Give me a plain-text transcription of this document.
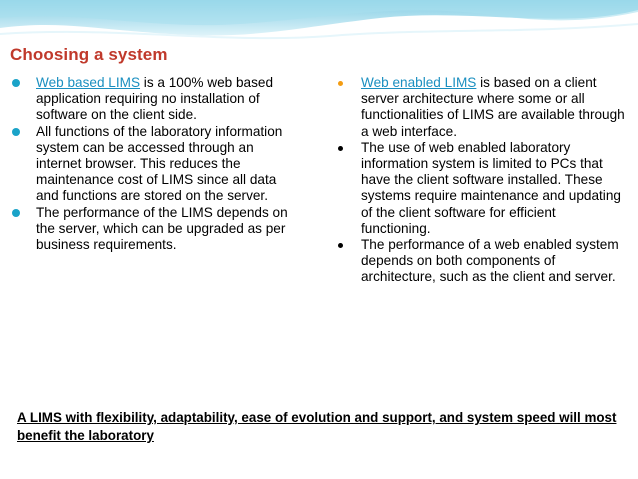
Choosing a system

Web based LIMS is a 100% web based application requiring no installation of software on the client side.

All functions of the laboratory information system can be accessed through an internet browser. This reduces the maintenance cost of LIMS since all data and functions are stored on the server.

The performance of the LIMS depends on the server, which can be upgraded as per business requirements.

Web enabled LIMS is based on a client server architecture where some or all functionalities of LIMS are available through a web interface.

The use of web enabled laboratory information system is limited to PCs that have the client software installed. These systems require maintenance and updating of the client software for efficient functioning.

The performance of a web enabled system depends on both components of architecture, such as the client and server.

A LIMS with flexibility, adaptability, ease of evolution and support, and system speed will most benefit the laboratory
